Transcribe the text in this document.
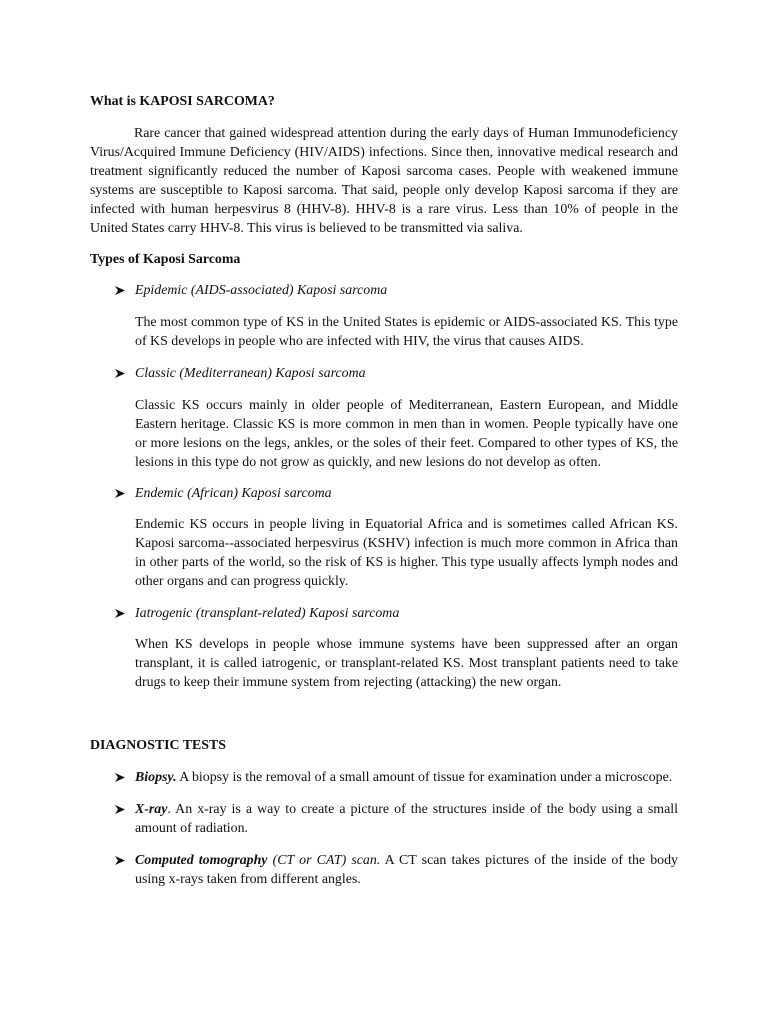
What is KAPOSI SARCOMA?
Rare cancer that gained widespread attention during the early days of Human Immunodeficiency Virus/Acquired Immune Deficiency (HIV/AIDS) infections. Since then, innovative medical research and treatment significantly reduced the number of Kaposi sarcoma cases. People with weakened immune systems are susceptible to Kaposi sarcoma. That said, people only develop Kaposi sarcoma if they are infected with human herpesvirus 8 (HHV-8). HHV-8 is a rare virus. Less than 10% of people in the United States carry HHV-8. This virus is believed to be transmitted via saliva.
Types of Kaposi Sarcoma
Epidemic (AIDS-associated) Kaposi sarcoma
The most common type of KS in the United States is epidemic or AIDS-associated KS. This type of KS develops in people who are infected with HIV, the virus that causes AIDS.
Classic (Mediterranean) Kaposi sarcoma
Classic KS occurs mainly in older people of Mediterranean, Eastern European, and Middle Eastern heritage. Classic KS is more common in men than in women. People typically have one or more lesions on the legs, ankles, or the soles of their feet. Compared to other types of KS, the lesions in this type do not grow as quickly, and new lesions do not develop as often.
Endemic (African) Kaposi sarcoma
Endemic KS occurs in people living in Equatorial Africa and is sometimes called African KS. Kaposi sarcoma--associated herpesvirus (KSHV) infection is much more common in Africa than in other parts of the world, so the risk of KS is higher. This type usually affects lymph nodes and other organs and can progress quickly.
Iatrogenic (transplant-related) Kaposi sarcoma
When KS develops in people whose immune systems have been suppressed after an organ transplant, it is called iatrogenic, or transplant-related KS. Most transplant patients need to take drugs to keep their immune system from rejecting (attacking) the new organ.
DIAGNOSTIC TESTS
Biopsy. A biopsy is the removal of a small amount of tissue for examination under a microscope.
X-ray. An x-ray is a way to create a picture of the structures inside of the body using a small amount of radiation.
Computed tomography (CT or CAT) scan. A CT scan takes pictures of the inside of the body using x-rays taken from different angles.
